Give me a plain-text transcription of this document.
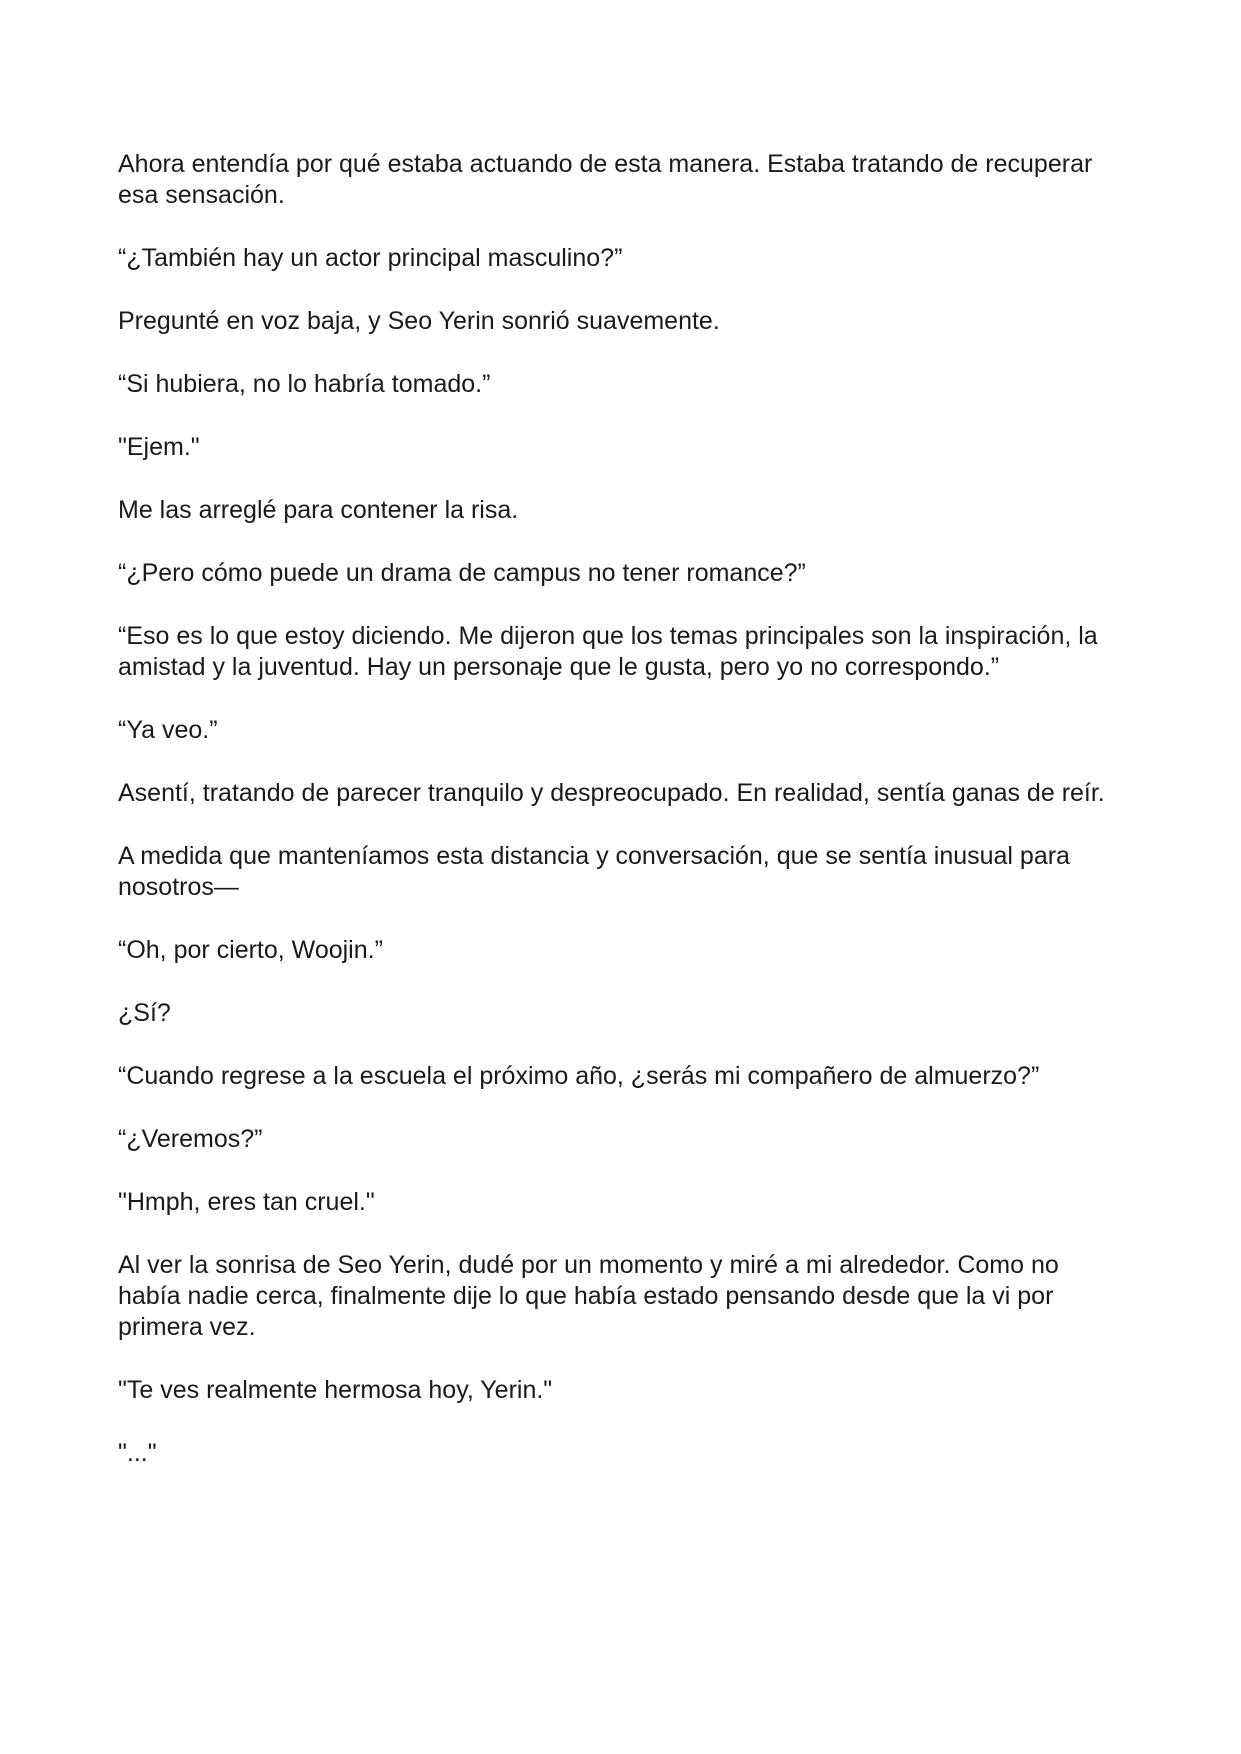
Ahora entendía por qué estaba actuando de esta manera. Estaba tratando de recuperar esa sensación.

“¿También hay un actor principal masculino?”

Pregunté en voz baja, y Seo Yerin sonrió suavemente.

“Si hubiera, no lo habría tomado.”

"Ejem."

Me las arreglé para contener la risa.

“¿Pero cómo puede un drama de campus no tener romance?”

“Eso es lo que estoy diciendo. Me dijeron que los temas principales son la inspiración, la amistad y la juventud. Hay un personaje que le gusta, pero yo no correspondo.”

“Ya veo.”

Asentí, tratando de parecer tranquilo y despreocupado. En realidad, sentía ganas de reír.

A medida que manteníamos esta distancia y conversación, que se sentía inusual para nosotros—

“Oh, por cierto, Woojin.”

¿Sí?

“Cuando regrese a la escuela el próximo año, ¿serás mi compañero de almuerzo?”

“¿Veremos?”

"Hmph, eres tan cruel."

Al ver la sonrisa de Seo Yerin, dudé por un momento y miré a mi alrededor. Como no había nadie cerca, finalmente dije lo que había estado pensando desde que la vi por primera vez.

"Te ves realmente hermosa hoy, Yerin."

"..."
